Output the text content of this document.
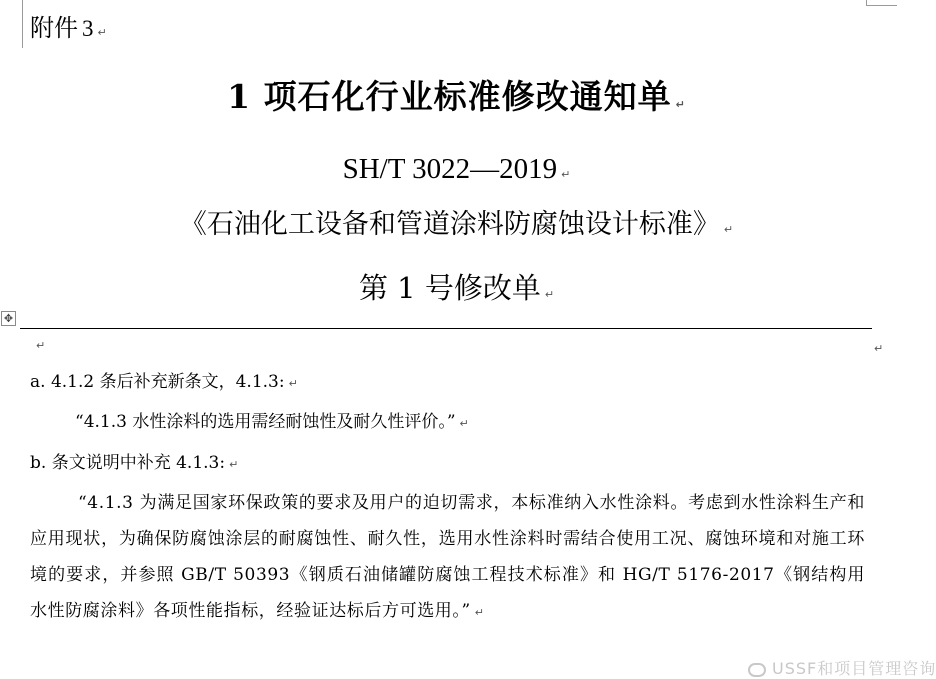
附件 3 ↵
1 项石化行业标准修改通知单 ↵
SH/T 3022—2019 ↵
《石油化工设备和管道涂料防腐蚀设计标准》 ↵
第 1 号修改单 ↵
✥
↵	↵
a. 4.1.2 条后补充新条文，4.1.3: ↵
“4.1.3 水性涂料的选用需经耐蚀性及耐久性评价。” ↵
b. 条文说明中补充 4.1.3: ↵
“4.1.3 为满足国家环保政策的要求及用户的迫切需求，本标准纳入水性涂料。考虑到水性涂料生产和应用现状，为确保防腐蚀涂层的耐腐蚀性、耐久性，选用水性涂料时需结合使用工况、腐蚀环境和对施工环境的要求，并参照 GB/T 50393《钢质石油储罐防腐蚀工程技术标准》和 HG/T 5176-2017《钢结构用水性防腐涂料》各项性能指标，经验证达标后方可选用。” ↵
USSF和项目管理咨询
